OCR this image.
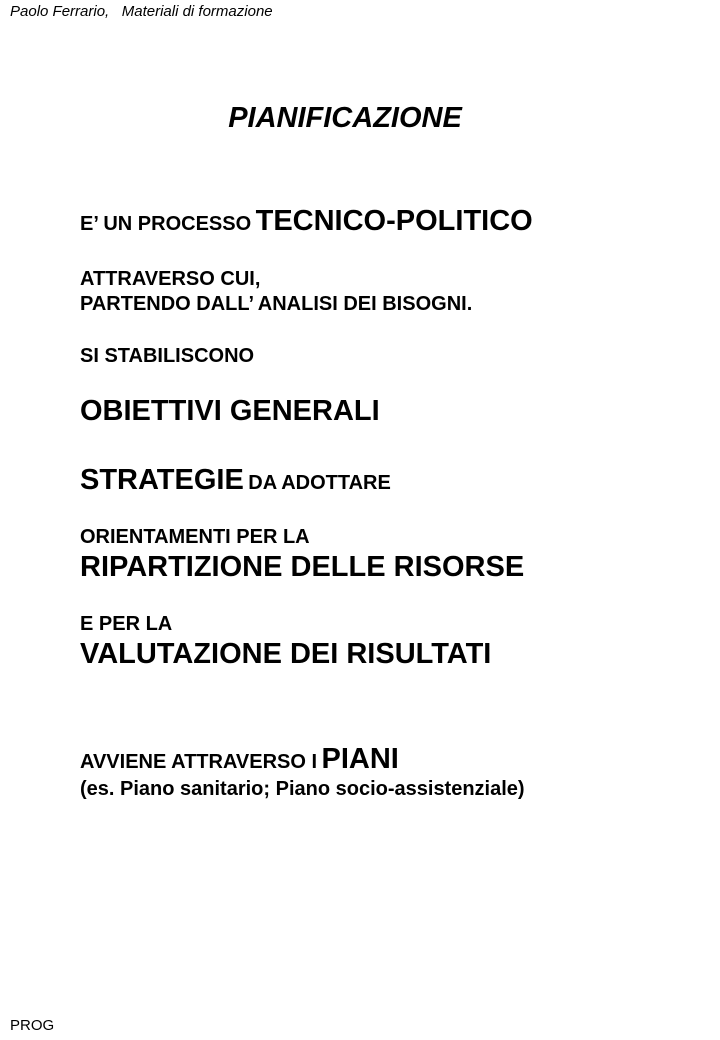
Paolo Ferrario, Materiali di formazione
PIANIFICAZIONE
E’ UN PROCESSO TECNICO-POLITICO
ATTRAVERSO CUI,
PARTENDO DALL’ ANALISI DEI BISOGNI.
SI STABILISCONO
OBIETTIVI GENERALI
STRATEGIE DA ADOTTARE
ORIENTAMENTI PER LA
RIPARTIZIONE DELLE RISORSE
E PER LA
VALUTAZIONE DEI RISULTATI
AVVIENE ATTRAVERSO I PIANI
(es. Piano sanitario; Piano socio-assistenziale)
PROG
